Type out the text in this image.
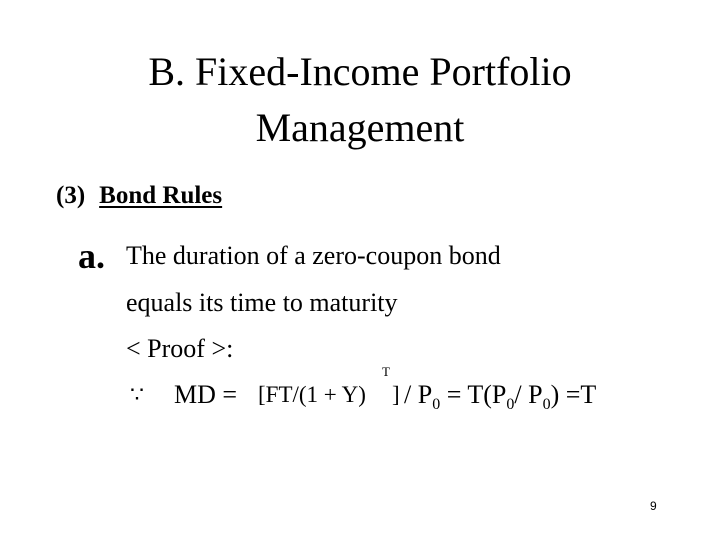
B. Fixed-Income Portfolio
Management
(3) Bond Rules
a. The duration of a zero-coupon bond
equals its time to maturity
< Proof >:
∵ MD = [FT/(1 + Y)
T
] / $P_0 = T(P_0/$ $P_0) =T$
9
